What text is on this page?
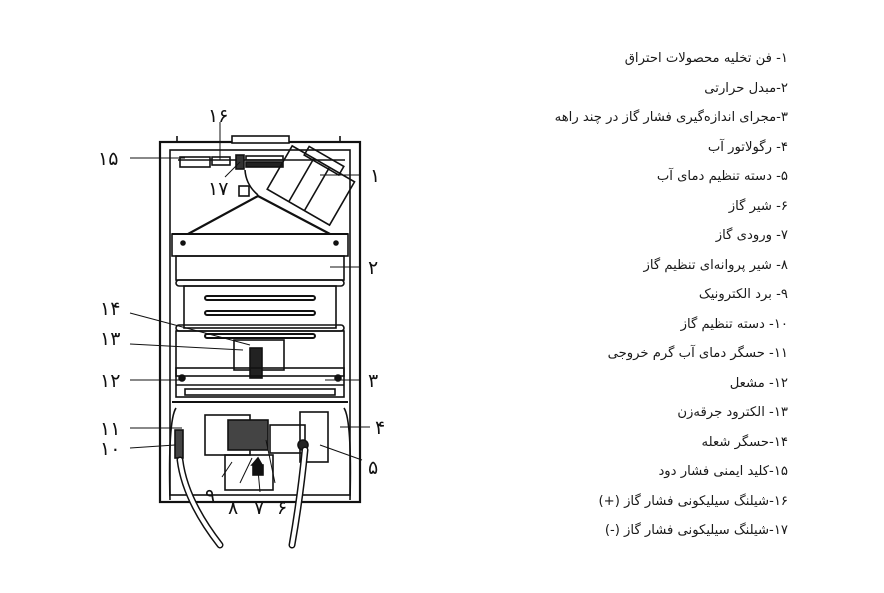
۱
۲
۳
۴
۵
۶
۷
۸
۹
۱۰
۱۱
۱۲
۱۳
۱۴
۱۵
۱۶
۱۷
۱- فن تخلیه محصولات احتراق
۲-مبدل حرارتی
۳-مجرای اندازه‌گیری فشار گاز در چند راهه
۴- رگولاتور آب
۵- دسته تنظیم دمای آب
۶- شیر گاز
۷- ورودی گاز
۸- شیر پروانه‌ای تنظیم گاز
۹- برد الکترونیک
۱۰- دسته تنظیم گاز
۱۱- حسگر دمای آب گرم خروجی
۱۲- مشعل
۱۳- الکترود جرقه‌زن
۱۴-حسگر شعله
۱۵-کلید ایمنی فشار دود
۱۶-شیلنگ سیلیکونی فشار گاز (+)
۱۷-شیلنگ سیلیکونی فشار گاز (-)
